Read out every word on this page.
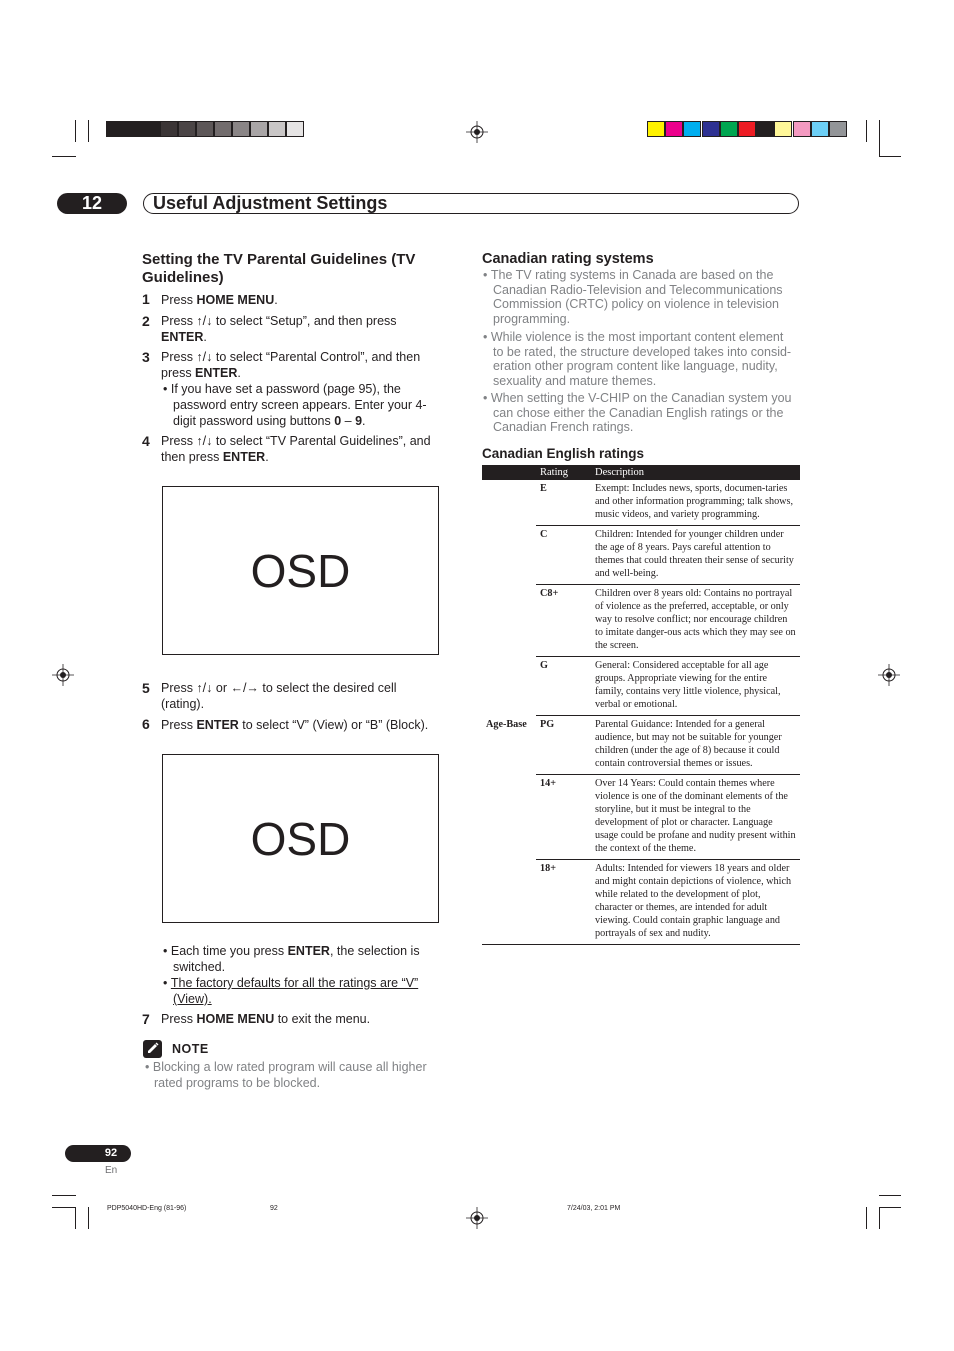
12	Useful Adjustment Settings
Setting the TV Parental Guidelines (TV
Guidelines)
1 Press HOME MENU.
2 Press ↑/↓ to select “Setup”, and then press
ENTER.
3 Press ↑/↓ to select “Parental Control”, and then
press ENTER.
• If you have set a password (page 95), the
password entry screen appears. Enter your 4-
digit password using buttons 0 – 9.
4 Press ↑/↓ to select “TV Parental Guidelines”, and
then press ENTER.
OSD
5 Press ↑/↓ or ←/→ to select the desired cell
(rating).
6 Press ENTER to select “V” (View) or “B” (Block).
OSD
• Each time you press ENTER, the selection is
switched.
• The factory defaults for all the ratings are “V”
(View).
7 Press HOME MENU to exit the menu.
NOTE
• Blocking a low rated program will cause all higher
rated programs to be blocked.
Canadian rating systems
• The TV rating systems in Canada are based on the
Canadian Radio-Television and Telecommunications
Commission (CRTC) policy on violence in television
programming.
• While violence is the most important content element
to be rated, the structure developed takes into consid-
eration other program content like language, nudity,
sexuality and mature themes.
• When setting the V-CHIP on the Canadian system you
can chose either the Canadian English ratings or the
Canadian French ratings.
Canadian English ratings
	Rating	Description
	E	Exempt: Includes news, sports, documen-taries and other information programming; talk shows, music videos, and variety programming.
	C	Children: Intended for younger children under the age of 8 years. Pays careful attention to themes that could threaten their sense of security and well-being.
	C8+	Children over 8 years old: Contains no portrayal of violence as the preferred, acceptable, or only way to resolve conflict; nor encourage children to imitate danger-ous acts which they may see on the screen.
	G	General: Considered acceptable for all age groups. Appropriate viewing for the entire family, contains very little violence, physical, verbal or emotional.
Age-Base	PG	Parental Guidance: Intended for a general audience, but may not be suitable for younger children (under the age of 8) because it could contain controversial themes or issues.
	14+	Over 14 Years: Could contain themes where violence is one of the dominant elements of the storyline, but it must be integral to the development of plot or character. Language usage could be profane and nudity present within the context of the theme.
	18+	Adults: Intended for viewers 18 years and older and might contain depictions of violence, which while related to the development of plot, character or themes, are intended for adult viewing. Could contain graphic language and portrayals of sex and nudity.
92
En
PDP5040HD-Eng (81-96)	92	7/24/03, 2:01 PM
